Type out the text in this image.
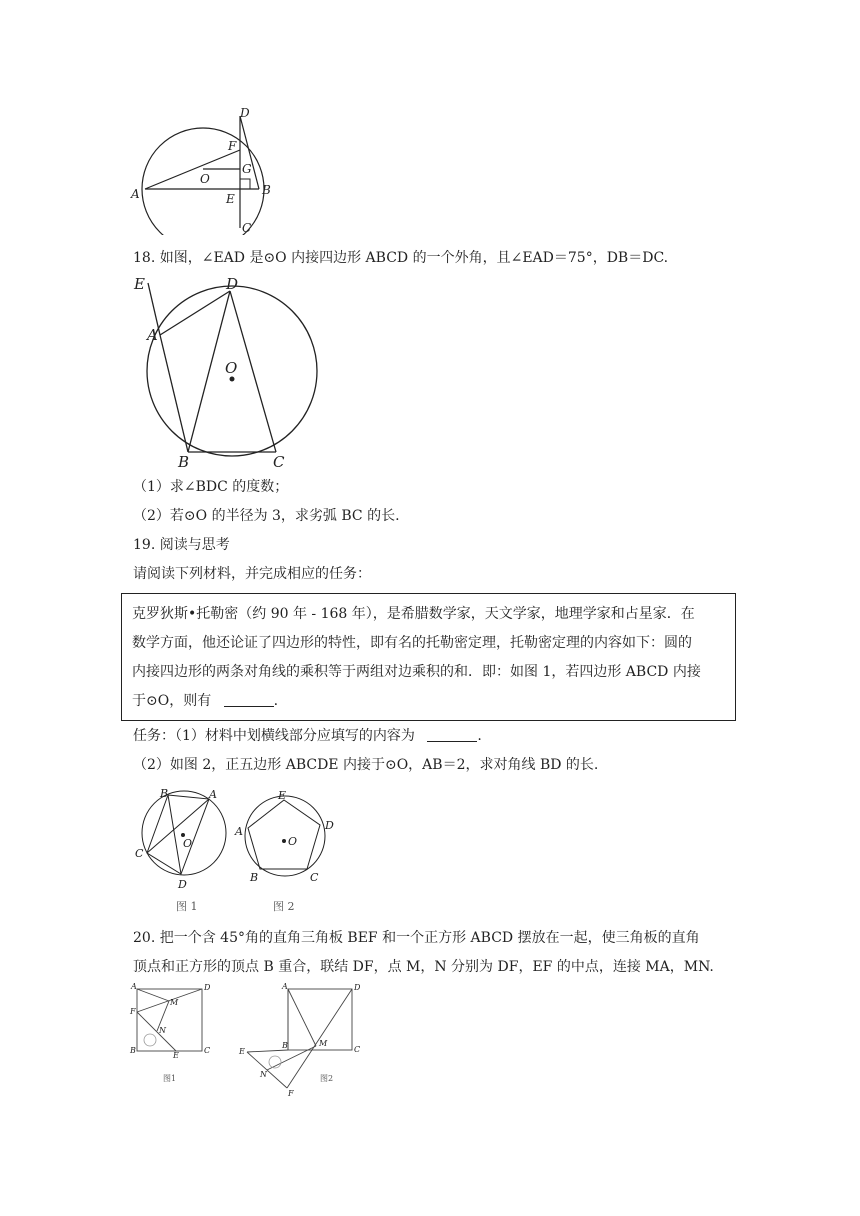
D
F
G
O
A	E
B
C
18. 如图，∠EAD 是⊙O 内接四边形 ABCD 的一个外角，且∠EAD＝75°，DB＝DC.
E	D
A
O
B	C
（1）求∠BDC 的度数；
（2）若⊙O 的半径为 3，求劣弧 BC 的长.
19. 阅读与思考
请阅读下列材料，并完成相应的任务：
克罗狄斯•托勒密（约 90 年 - 168 年），是希腊数学家，天文学家，地理学家和占星家．在
数学方面，他还论证了四边形的特性，即有名的托勒密定理，托勒密定理的内容如下：圆的
内接四边形的两条对角线的乘积等于两组对边乘积的和．即：如图 1，若四边形 ABCD 内接
于⊙O，则有	.
任务：（1）材料中划横线部分应填写的内容为	.
（2）如图 2，正五边形 ABCDE 内接于⊙O，AB＝2，求对角线 BD 的长.
B	A
C
O
D
图 1
E
A	D
O
B	C
图 2
20. 把一个含 45°角的直角三角板 BEF 和一个正方形 ABCD 摆放在一起，使三角板的直角
顶点和正方形的顶点 B 重合，联结 DF，点 M，N 分别为 DF，EF 的中点，连接 MA，MN.
A	D
M
F
N
B
E
C
图1
A	D
B	M
C
E
N
F
图2
